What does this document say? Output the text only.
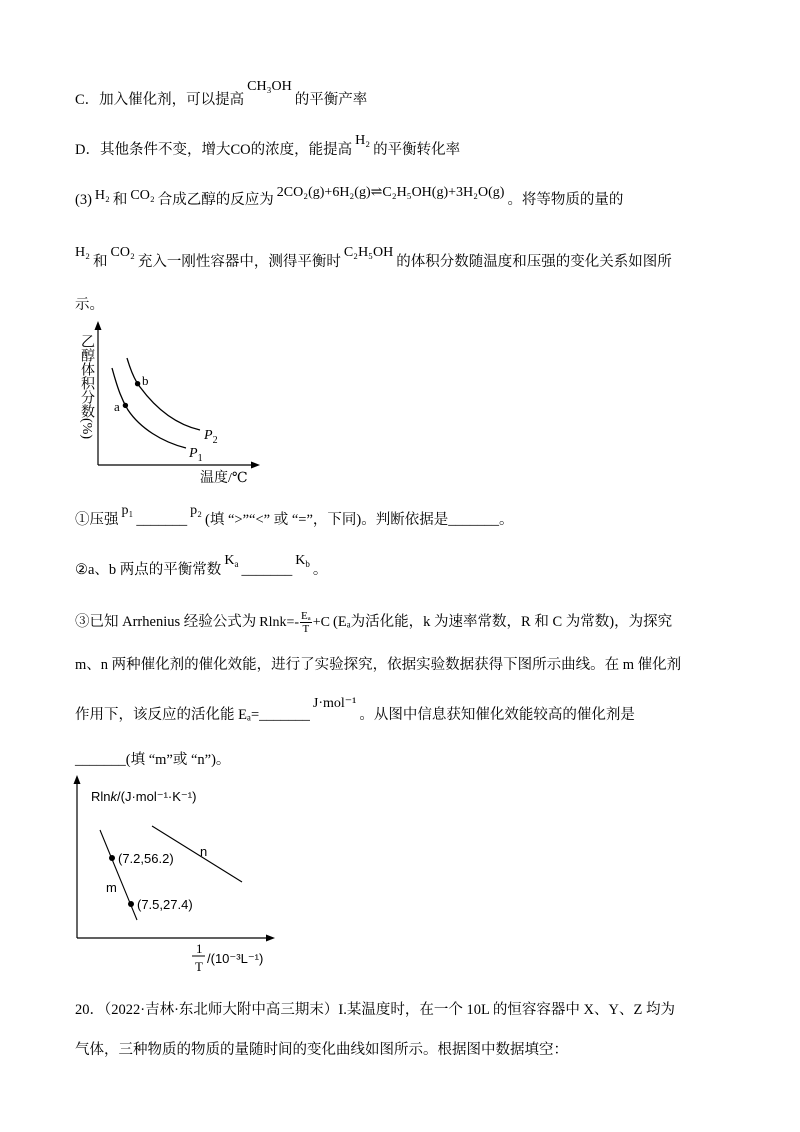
C．加入催化剂，可以提高CH₃OH的平衡产率
D．其他条件不变，增大CO的浓度，能提高H₂的平衡转化率
(3) H₂ 和 CO₂ 合成乙醇的反应为 2CO₂(g)+6H₂(g)⇌C₂H₅OH(g)+3H₂O(g) 。将等物质的量的
H₂和CO₂充入一刚性容器中，测得平衡时C₂H₅OH的体积分数随温度和压强的变化关系如图所
示。
乙醇体积分数(%) a
b
$P_2$
$P_1$
温度/℃
①压强p₁_______p₂(填 “>”“<” 或 “=”，下同)。判断依据是_______。
②a、b 两点的平衡常数$K_a$ $\_\_\_\_\_\_\_K_b$ 。
③已知 Arrhenius 经验公式为 $Rlnk=- \frac{\text{Eₐ}}{T} +C$ (Eₐ为活化能，k 为速率常数，R 和 C 为常数)，为探究
m、n 两种催化剂的催化效能，进行了实验探究，依据实验数据获得下图所示曲线。在 m 催化剂
作用下，该反应的活化能 Eₐ=_______J·mol⁻¹。从图中信息获知催化效能较高的催化剂是
_______(填 “m”或 “n”)。
Rlnk/(J·mol⁻¹·K⁻¹)
(7.2,56.2)
(7.5,27.4)
m
n
1
T
/(10⁻³L⁻¹)
20．（2022·吉林·东北师大附中高三期末）I.某温度时，在一个 10L 的恒容容器中 X、Y、Z 均为
气体，三种物质的物质的量随时间的变化曲线如图所示。根据图中数据填空：
